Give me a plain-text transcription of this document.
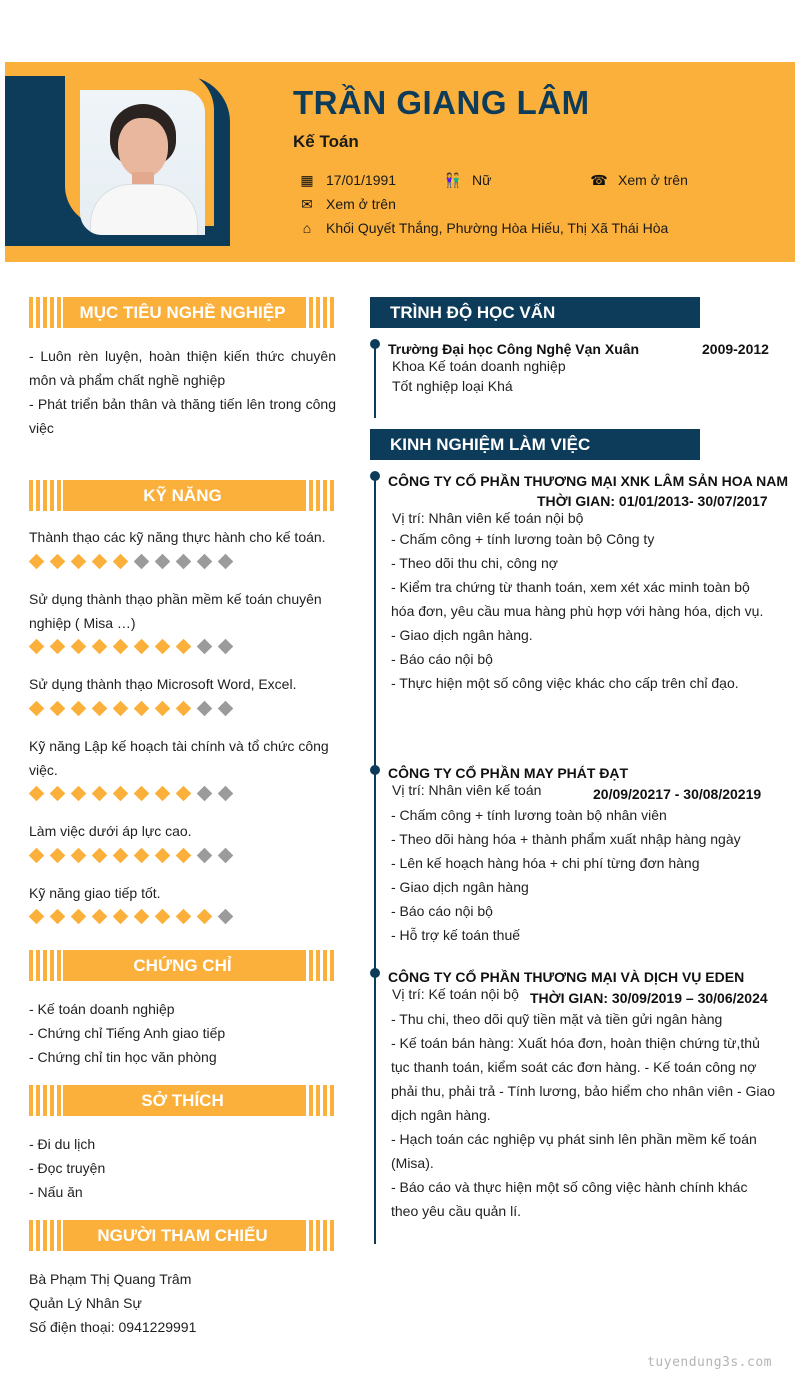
TRẦN GIANG LÂM
Kế Toán
▦ 17/01/1991	👫 Nữ	☎ Xem ở trên
✉ Xem ở trên
⌂ Khối Quyết Thắng, Phường Hòa Hiếu, Thị Xã Thái Hòa
MỤC TIÊU NGHỀ NGHIỆP
- Luôn rèn luyện, hoàn thiện kiến thức chuyên môn và phẩm chất nghề nghiệp
- Phát triển bản thân và thăng tiến lên trong công việc
KỸ NĂNG
Thành thạo các kỹ năng thực hành cho kế toán.
Sử dụng thành thạo phần mềm kế toán chuyên nghiệp ( Misa …)
Sử dụng thành thạo Microsoft Word, Excel.
Kỹ năng Lập kế hoạch tài chính và tổ chức công việc.
Làm việc dưới áp lực cao.
Kỹ năng giao tiếp tốt.
CHỨNG CHỈ
- Kế toán doanh nghiệp
- Chứng chỉ Tiếng Anh giao tiếp
- Chứng chỉ tin học văn phòng
SỞ THÍCH
- Đi du lịch
- Đọc truyện
- Nấu ăn
NGƯỜI THAM CHIẾU
Bà Phạm Thị Quang Trâm
Quản Lý Nhân Sự
Số điện thoại: 0941229991
TRÌNH ĐỘ HỌC VẤN
Trường Đại học Công Nghệ Vạn Xuân	2009-2012
Khoa Kế toán doanh nghiệp
Tốt nghiệp loại Khá
KINH NGHIỆM LÀM VIỆC
CÔNG TY CỔ PHẦN THƯƠNG MẠI XNK LÂM SẢN HOA NAM
THỜI GIAN: 01/01/2013- 30/07/2017
Vị trí: Nhân viên kế toán nội bộ
- Chấm công + tính lương toàn bộ Công ty
- Theo dõi thu chi, công nợ
- Kiểm tra chứng từ thanh toán, xem xét xác minh toàn bộ hóa đơn, yêu cầu mua hàng phù hợp với hàng hóa, dịch vụ.
- Giao dịch ngân hàng.
- Báo cáo nội bộ
- Thực hiện một số công việc khác cho cấp trên chỉ đạo.
CÔNG TY CỔ PHẦN MAY PHÁT ĐẠT
Vị trí: Nhân viên kế toán	20/09/20217 - 30/08/20219
- Chấm công + tính lương toàn bộ nhân viên
- Theo dõi hàng hóa + thành phẩm xuất nhập hàng ngày
- Lên kế hoạch hàng hóa + chi phí từng đơn hàng
- Giao dịch ngân hàng
- Báo cáo nội bộ
- Hỗ trợ kế toán thuế
CÔNG TY CỔ PHẦN THƯƠNG MẠI VÀ DỊCH VỤ EDEN
Vị trí: Kế toán nội bộ THỜI GIAN: 30/09/2019 – 30/06/2024
- Thu chi, theo dõi quỹ tiền mặt và tiền gửi ngân hàng
- Kế toán bán hàng: Xuất hóa đơn, hoàn thiện chứng từ,thủ tục thanh toán, kiểm soát các đơn hàng. - Kế toán công nợ phải thu, phải trả - Tính lương, bảo hiểm cho nhân viên - Giao dịch ngân hàng.
- Hạch toán các nghiệp vụ phát sinh lên phần mềm kế toán (Misa).
- Báo cáo và thực hiện một số công việc hành chính khác theo yêu cầu quản lí.
tuyendung3s.com
